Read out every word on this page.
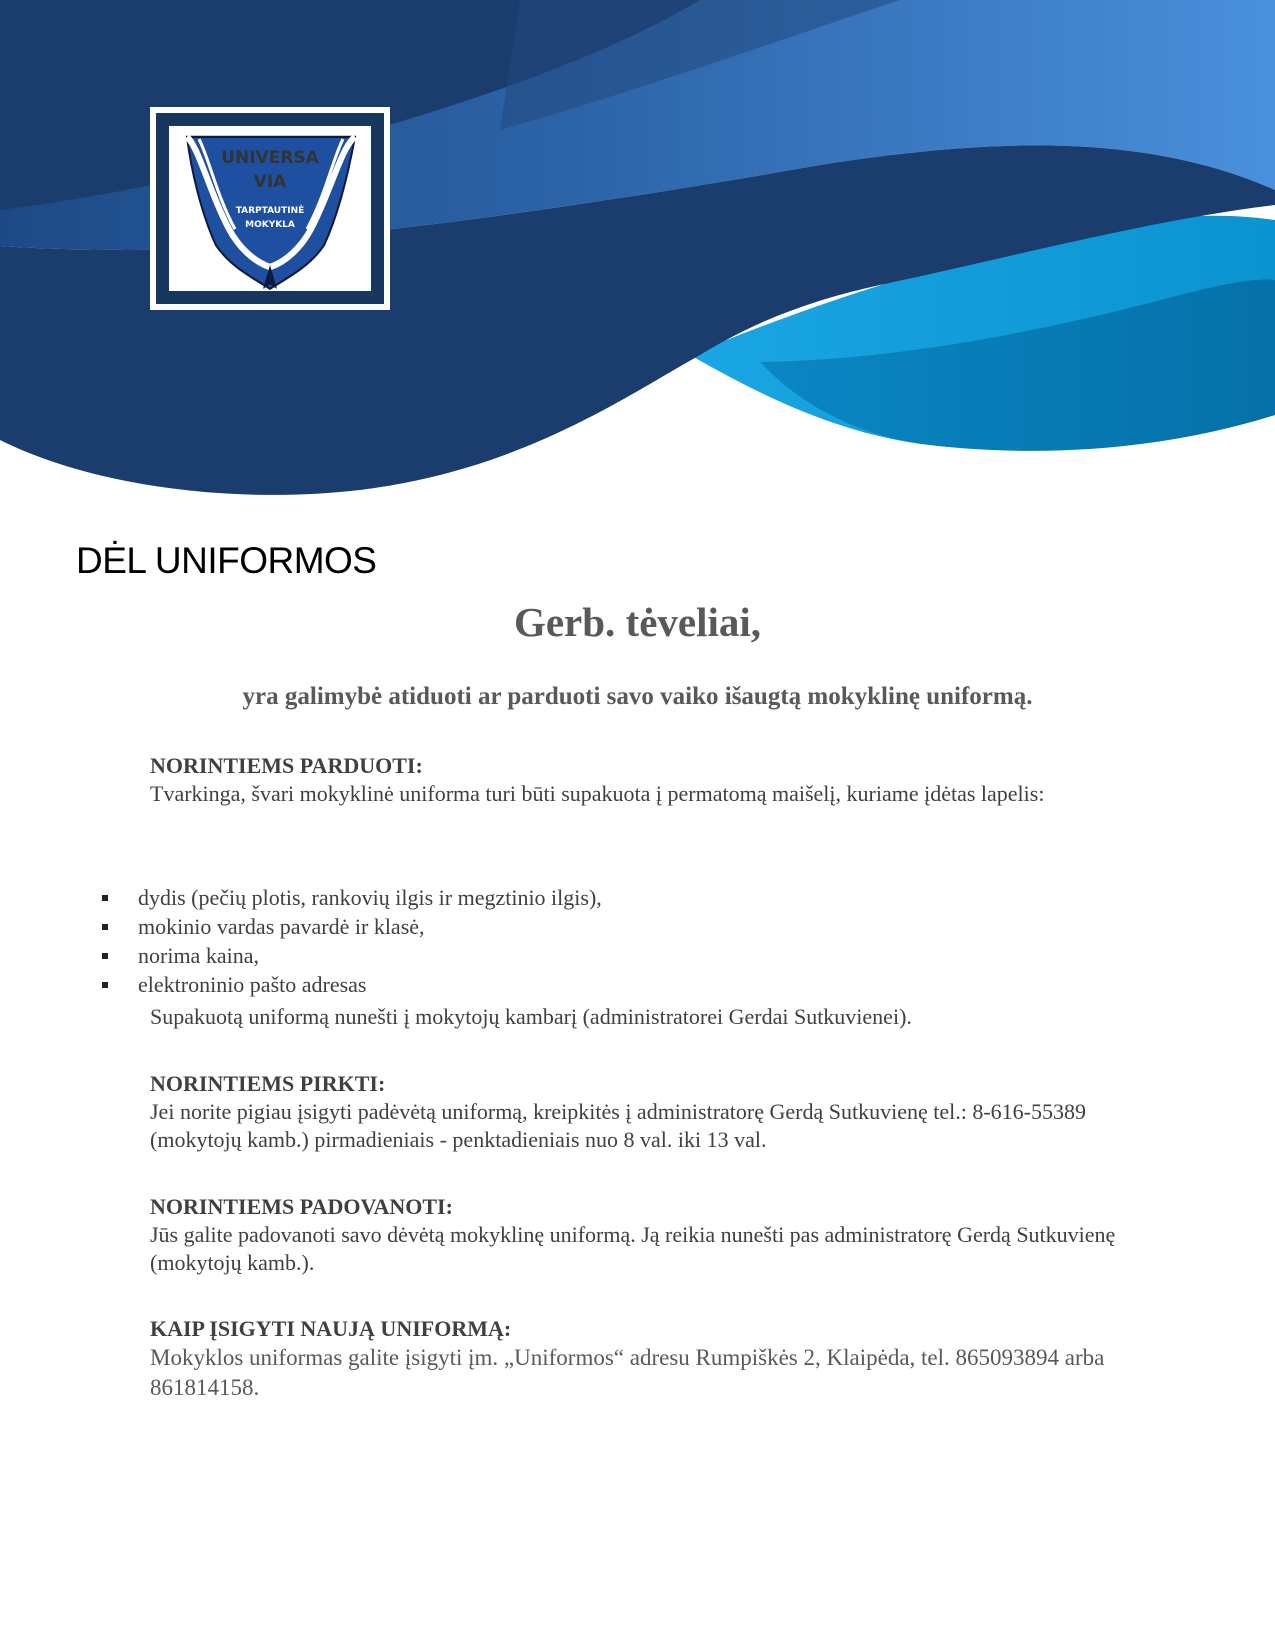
UNIVERSA
VIA
TARPTAUTINĖ
MOKYKLA
DĖL UNIFORMOS

Gerb. tėveliai,

yra galimybė atiduoti ar parduoti savo vaiko išaugtą mokyklinę uniformą.

NORINTIEMS PARDUOTI:

Tvarkinga, švari mokyklinė uniforma turi būti supakuota į permatomą maišelį, kuriame įdėtas lapelis:

dydis (pečių plotis, rankovių ilgis ir megztinio ilgis),
mokinio vardas pavardė ir klasė,
norima kaina,
elektroninio pašto adresas

Supakuotą uniformą nunešti į mokytojų kambarį (administratorei Gerdai Sutkuvienei).

NORINTIEMS PIRKTI:

Jei norite pigiau įsigyti padėvėtą uniformą, kreipkitės į administratorę Gerdą Sutkuvienę tel.: 8-616-55389 (mokytojų kamb.) pirmadieniais - penktadieniais nuo 8 val. iki 13 val.

NORINTIEMS PADOVANOTI:

Jūs galite padovanoti savo dėvėtą mokyklinę uniformą. Ją reikia nunešti pas administratorę Gerdą Sutkuvienę (mokytojų kamb.).

KAIP ĮSIGYTI NAUJĄ UNIFORMĄ:

Mokyklos uniformas galite įsigyti įm. „Uniformos“ adresu Rumpiškės 2, Klaipėda, tel. 865093894 arba 861814158.
